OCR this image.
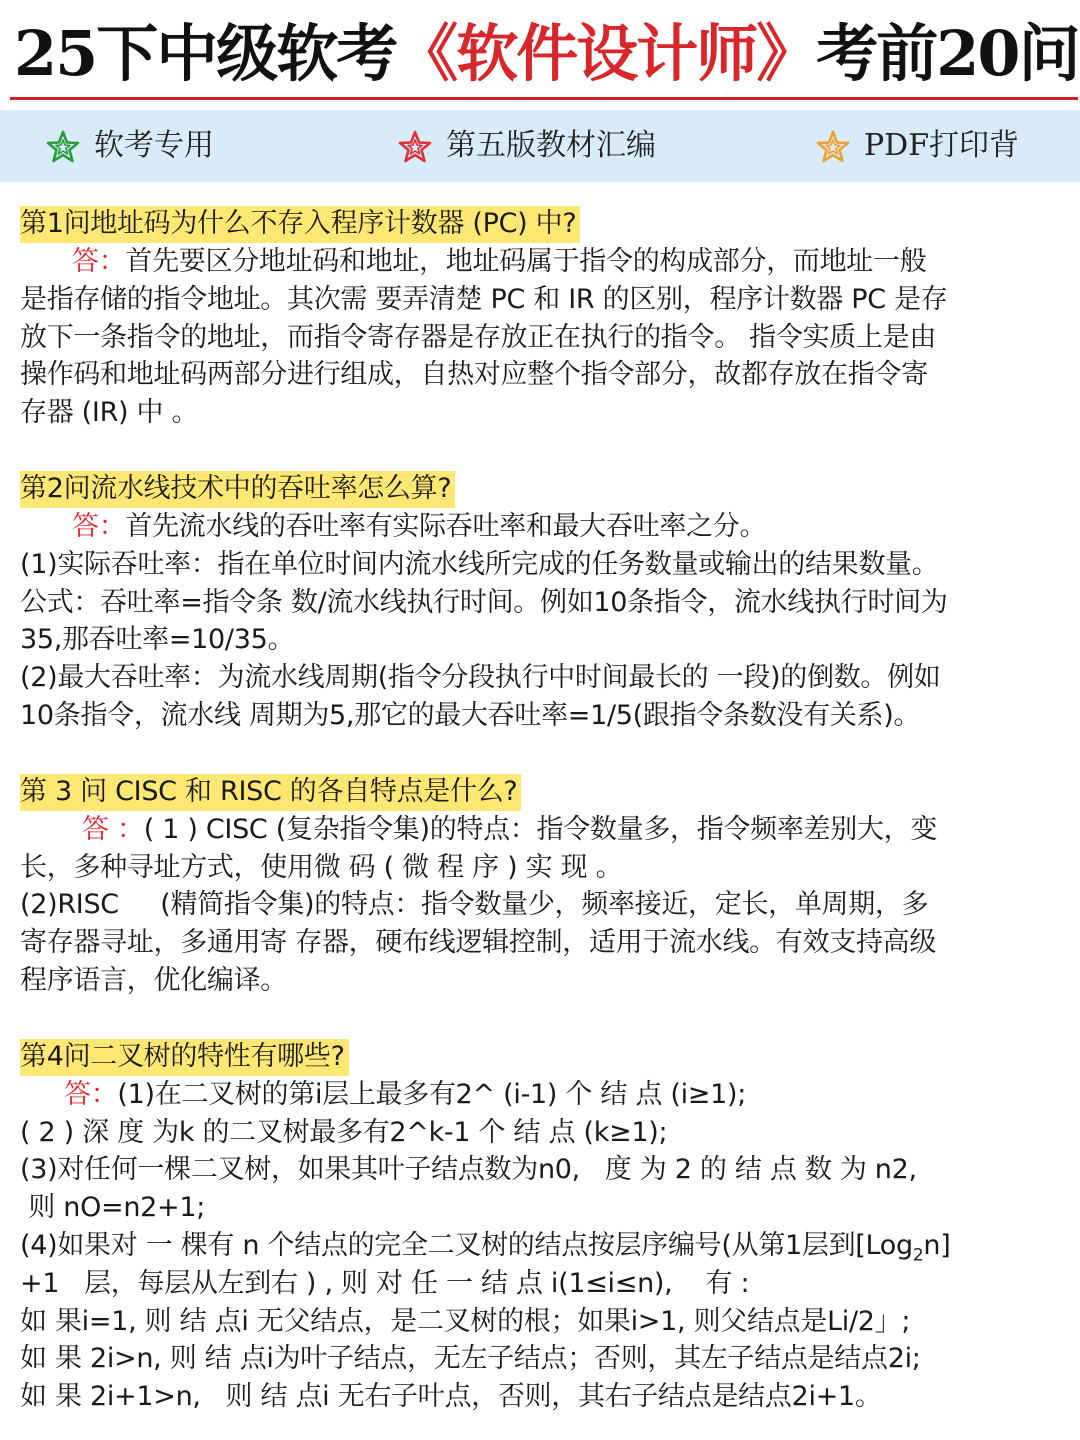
25下中级软考《软件设计师》考前20问
软考专用	第五版教材汇编	PDF打印背
第1问地址码为什么不存入程序计数器 (PC) 中?

答：首先要区分地址码和地址，地址码属于指令的构成部分，而地址一般

是指存储的指令地址。其次需 要弄清楚 PC 和 IR 的区别，程序计数器 PC 是存

放下一条指令的地址，而指令寄存器是存放正在执行的指令。 指令实质上是由

操作码和地址码两部分进行组成，自热对应整个指令部分，故都存放在指令寄

存器 (IR) 中 。

第2问流水线技术中的吞吐率怎么算?

答：首先流水线的吞吐率有实际吞吐率和最大吞吐率之分。

(1)实际吞吐率：指在单位时间内流水线所完成的任务数量或输出的结果数量。

公式：吞吐率=指令条 数/流水线执行时间。例如10条指令，流水线执行时间为

35,那吞吐率=10/35。

(2)最大吞吐率：为流水线周期(指令分段执行中时间最长的 一段)的倒数。例如

10条指令，流水线 周期为5,那它的最大吞吐率=1/5(跟指令条数没有关系)。

第 3 问 CISC 和 RISC 的各自特点是什么?

答 ：( 1 ) CISC (复杂指令集)的特点：指令数量多，指令频率差别大，变

长，多种寻址方式，使用微 码 ( 微 程 序 ) 实 现 。

(2)RISC     (精简指令集)的特点：指令数量少，频率接近，定长，单周期，多

寄存器寻址，多通用寄 存器，硬布线逻辑控制，适用于流水线。有效支持高级

程序语言，优化编译。

第4问二叉树的特性有哪些?

答：(1)在二叉树的第i层上最多有2^ (i-1) 个 结 点 (i≥1);

( 2 ) 深 度 为k 的二叉树最多有2^k-1 个 结 点 (k≥1);

(3)对任何一棵二叉树，如果其叶子结点数为n0,   度 为 2 的 结 点 数 为 n2,

则 nO=n2+1;

(4)如果对 一 棵有 n 个结点的完全二叉树的结点按层序编号(从第1层到[Log$_2$n]

+1   层，每层从左到右 ) , 则 对 任 一 结 点 i(1≤i≤n),    有 :

如 果i=1, 则 结 点i 无父结点，是二叉树的根；如果i>1, 则父结点是Li/2」;

如 果 2i>n, 则 结 点i为叶子结点，无左子结点；否则，其左子结点是结点2i;

如 果 2i+1>n,   则 结 点i 无右子叶点，否则，其右子结点是结点2i+1。
